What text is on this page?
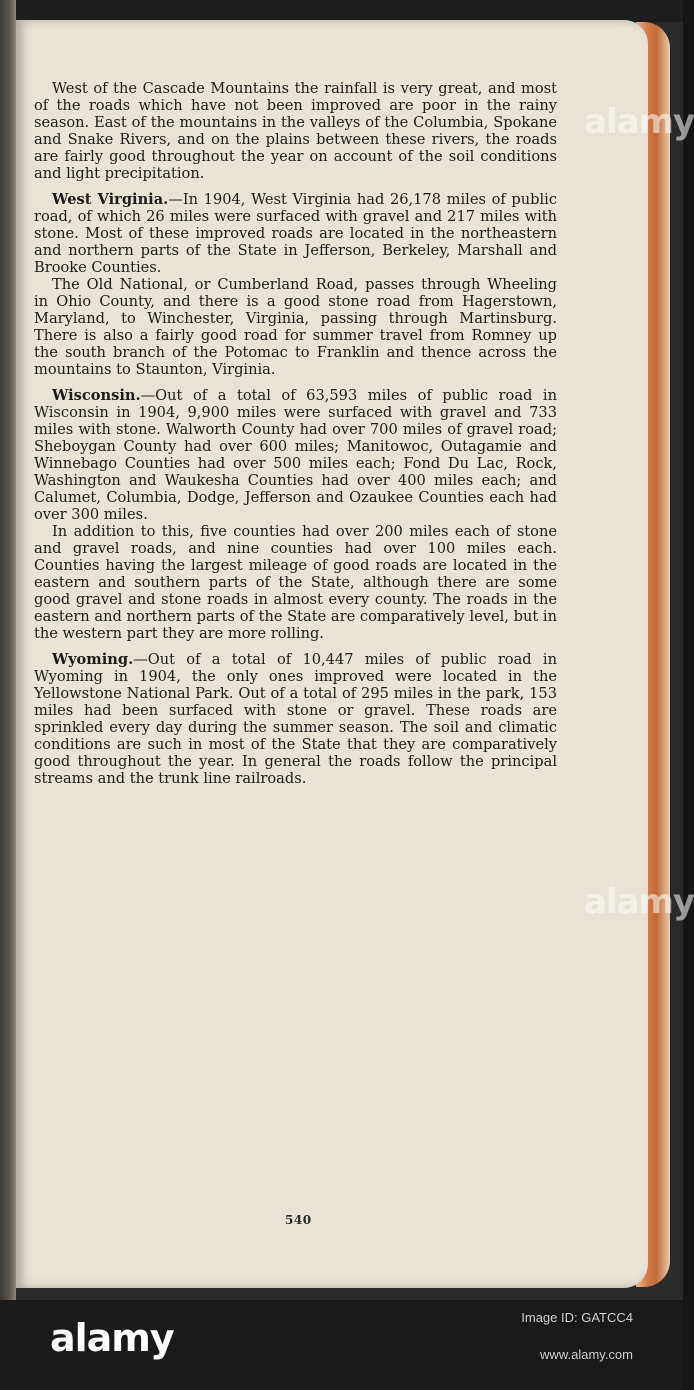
West of the Cascade Mountains the rainfall is very great, and most of the roads which have not been improved are poor in the rainy season. East of the mountains in the valleys of the Columbia, Spokane and Snake Rivers, and on the plains between these rivers, the roads are fairly good throughout the year on account of the soil conditions and light precipitation.

West Virginia.—In 1904, West Virginia had 26,178 miles of public road, of which 26 miles were surfaced with gravel and 217 miles with stone. Most of these improved roads are located in the northeastern and northern parts of the State in Jefferson, Berkeley, Marshall and Brooke Counties.

The Old National, or Cumberland Road, passes through Wheeling in Ohio County, and there is a good stone road from Hagerstown, Maryland, to Winchester, Virginia, passing through Martinsburg. There is also a fairly good road for summer travel from Romney up the south branch of the Potomac to Franklin and thence across the mountains to Staunton, Virginia.

Wisconsin.—Out of a total of 63,593 miles of public road in Wisconsin in 1904, 9,900 miles were surfaced with gravel and 733 miles with stone. Walworth County had over 700 miles of gravel road; Sheboygan County had over 600 miles; Manitowoc, Outagamie and Winnebago Counties had over 500 miles each; Fond Du Lac, Rock, Washington and Waukesha Counties had over 400 miles each; and Calumet, Columbia, Dodge, Jefferson and Ozaukee Counties each had over 300 miles.

In addition to this, five counties had over 200 miles each of stone and gravel roads, and nine counties had over 100 miles each. Counties having the largest mileage of good roads are located in the eastern and southern parts of the State, although there are some good gravel and stone roads in almost every county. The roads in the eastern and northern parts of the State are comparatively level, but in the western part they are more rolling.

Wyoming.—Out of a total of 10,447 miles of public road in Wyoming in 1904, the only ones improved were located in the Yellowstone National Park. Out of a total of 295 miles in the park, 153 miles had been surfaced with stone or gravel. These roads are sprinkled every day during the summer season. The soil and climatic conditions are such in most of the State that they are comparatively good throughout the year. In general the roads follow the principal streams and the trunk line railroads.

540
alamy
alamy
alamy	Image ID: GATCC4
www.alamy.com
